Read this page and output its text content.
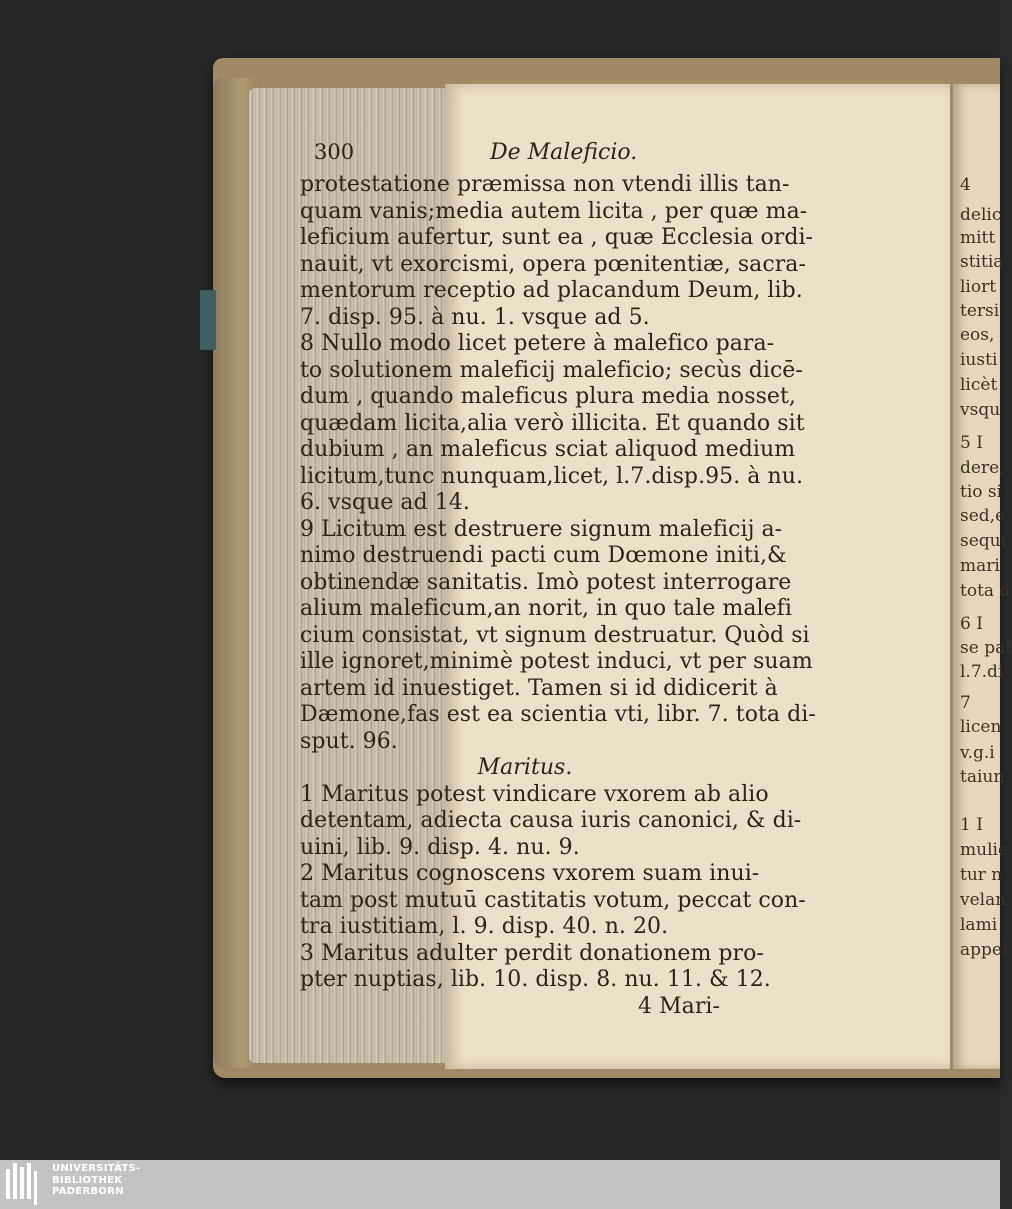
300	De Maleficio.
protestatione præmissa non vtendi illis tan-
quam vanis;media autem licita , per quæ ma-
leficium aufertur, sunt ea , quæ Ecclesia ordi-
nauit, vt exorcismi, opera pœnitentiæ, sacra-
mentorum receptio ad placandum Deum, lib.
7. disp. 95. à nu. 1. vsque ad 5.
8 Nullo modo licet petere à malefico para-
to solutionem maleficij maleficio; secùs dicē-
dum , quando maleficus plura media nosset,
quædam licita,alia verò illicita. Et quando sit
dubium , an maleficus sciat aliquod medium
licitum,tunc nunquam,licet, l.7.disp.95. à nu.
6. vsque ad 14.
9 Licitum est destruere signum maleficij a-
nimo destruendi pacti cum Dœmone initi,&
obtinendæ sanitatis. Imò potest interrogare
alium maleficum,an norit, in quo tale malefi
cium consistat, vt signum destruatur. Quòd si
ille ignoret,minimè potest induci, vt per suam
artem id inuestiget. Tamen si id didicerit à
Dæmone,fas est ea scientia vti, libr. 7. tota di-
sput. 96.
Maritus.
1 Maritus potest vindicare vxorem ab alio
detentam, adiecta causa iuris canonici, & di-
uini, lib. 9. disp. 4. nu. 9.
2 Maritus cognoscens vxorem suam inui-
tam post mutuū castitatis votum, peccat con-
tra iustitiam, l. 9. disp. 40. n. 20.
3 Maritus adulter perdit donationem pro-
pter nuptias, lib. 10. disp. 8. nu. 11. & 12.
4 Mari-
4
delic
mitt
stitia
liort
tersi
eos,
iusti
licèt
vsqu
5 I
dere,
tio si
sed,e
sequi
mari
tota d
6 I
se pat
l.7.di
7
licen
v.g.i
taiun
1 I
mulie
tur n
velan
lami
appel
UNIVERSITÄTS-
BIBLIOTHEK
PADERBORN
